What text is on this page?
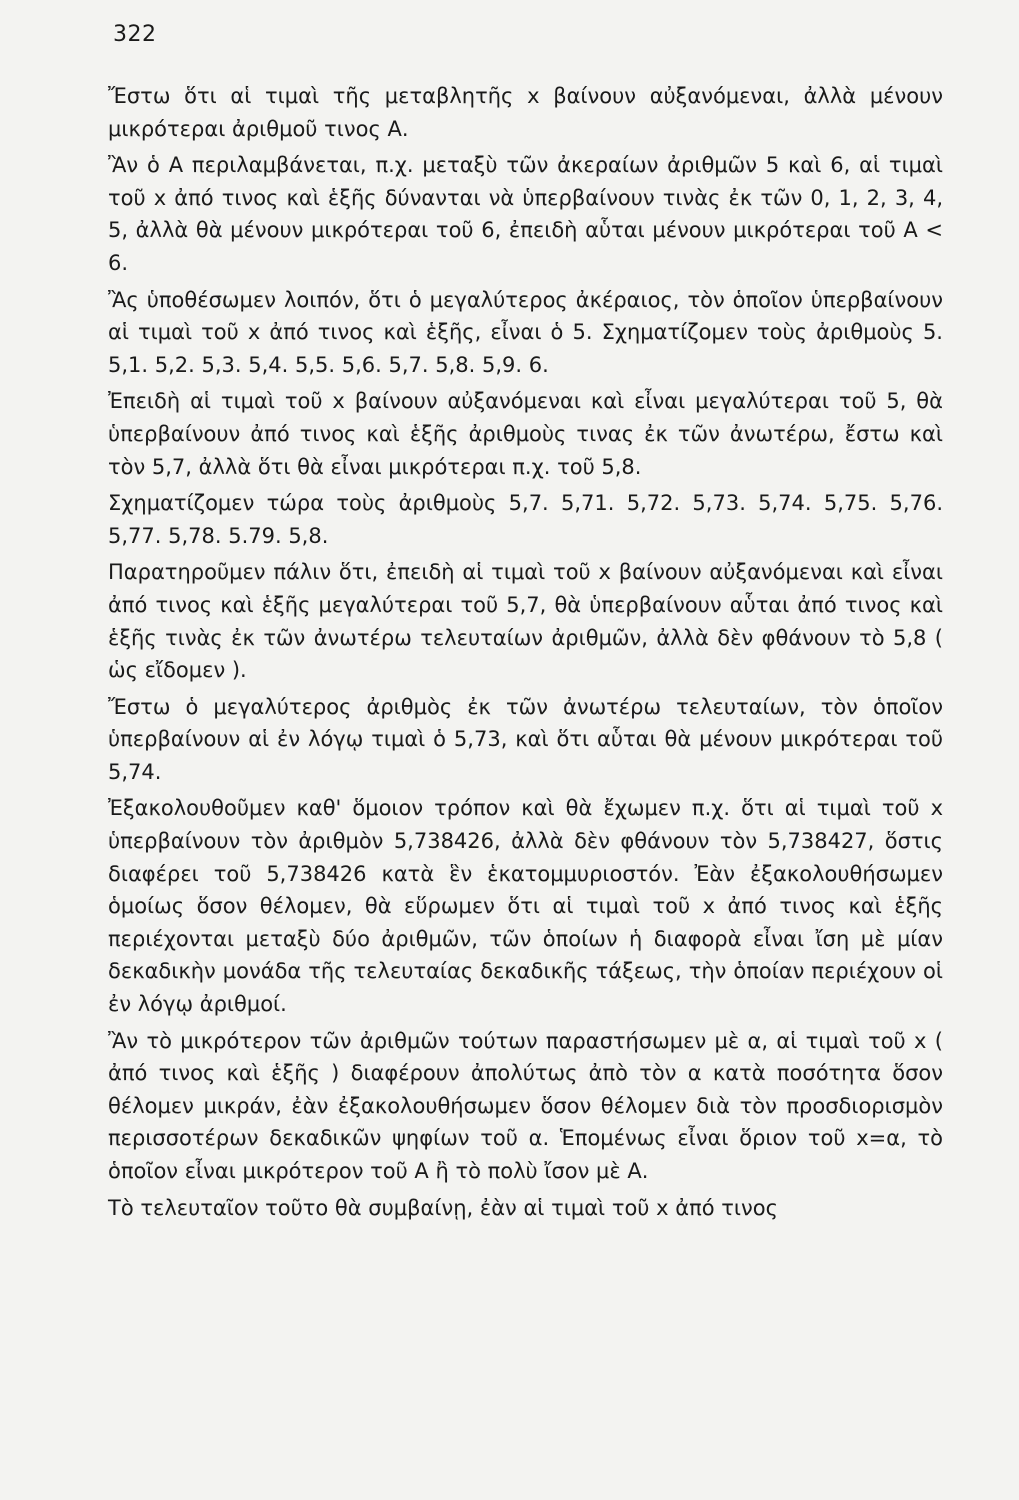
322

Ἔστω ὅτι αἱ τιμαὶ τῆς μεταβλητῆς x βαίνουν αὐξανόμεναι, ἀλλὰ μένουν μικρότεραι ἀριθμοῦ τινος Α.

Ἂν ὁ Α περιλαμβάνεται, π.χ. μεταξὺ τῶν ἀκεραίων ἀριθμῶν 5 καὶ 6, αἱ τιμαὶ τοῦ x ἀπό τινος καὶ ἑξῆς δύνανται νὰ ὑπερβαίνουν τινὰς ἐκ τῶν 0, 1, 2, 3, 4, 5, ἀλλὰ θὰ μένουν μικρότεραι τοῦ 6, ἐπειδὴ αὗται μένουν μικρότεραι τοῦ Α < 6.

Ἂς ὑποθέσωμεν λοιπόν, ὅτι ὁ μεγαλύτερος ἀκέραιος, τὸν ὁποῖον ὑπερβαίνουν αἱ τιμαὶ τοῦ x ἀπό τινος καὶ ἑξῆς, εἶναι ὁ 5. Σχηματίζομεν τοὺς ἀριθμοὺς 5. 5,1. 5,2. 5,3. 5,4. 5,5. 5,6. 5,7. 5,8. 5,9. 6.

Ἐπειδὴ αἱ τιμαὶ τοῦ x βαίνουν αὐξανόμεναι καὶ εἶναι μεγαλύτεραι τοῦ 5, θὰ ὑπερβαίνουν ἀπό τινος καὶ ἑξῆς ἀριθμοὺς τινας ἐκ τῶν ἀνωτέρω, ἔστω καὶ τὸν 5,7, ἀλλὰ ὅτι θὰ εἶναι μικρότεραι π.χ. τοῦ 5,8.

Σχηματίζομεν τώρα τοὺς ἀριθμοὺς 5,7. 5,71. 5,72. 5,73. 5,74. 5,75. 5,76. 5,77. 5,78. 5.79. 5,8.

Παρατηροῦμεν πάλιν ὅτι, ἐπειδὴ αἱ τιμαὶ τοῦ x βαίνουν αὐξανόμεναι καὶ εἶναι ἀπό τινος καὶ ἑξῆς μεγαλύτεραι τοῦ 5,7, θὰ ὑπερβαίνουν αὗται ἀπό τινος καὶ ἑξῆς τινὰς ἐκ τῶν ἀνωτέρω τελευταίων ἀριθμῶν, ἀλλὰ δὲν φθάνουν τὸ 5,8 ( ὡς εἴδομεν ).

Ἔστω ὁ μεγαλύτερος ἀριθμὸς ἐκ τῶν ἀνωτέρω τελευταίων, τὸν ὁποῖον ὑπερβαίνουν αἱ ἐν λόγῳ τιμαὶ ὁ 5,73, καὶ ὅτι αὗται θὰ μένουν μικρότεραι τοῦ 5,74.

Ἐξακολουθοῦμεν καθ' ὅμοιον τρόπον καὶ θὰ ἔχωμεν π.χ. ὅτι αἱ τιμαὶ τοῦ x ὑπερβαίνουν τὸν ἀριθμὸν 5,738426, ἀλλὰ δὲν φθάνουν τὸν 5,738427, ὅστις διαφέρει τοῦ 5,738426 κατὰ ἓν ἑκατομμυριοστόν. Ἐὰν ἐξακολουθήσωμεν ὁμοίως ὅσον θέλομεν, θὰ εὕρωμεν ὅτι αἱ τιμαὶ τοῦ x ἀπό τινος καὶ ἑξῆς περιέχονται μεταξὺ δύο ἀριθμῶν, τῶν ὁποίων ἡ διαφορὰ εἶναι ἴση μὲ μίαν δεκαδικὴν μονάδα τῆς τελευταίας δεκαδικῆς τάξεως, τὴν ὁποίαν περιέχουν οἱ ἐν λόγῳ ἀριθμοί.

Ἂν τὸ μικρότερον τῶν ἀριθμῶν τούτων παραστήσωμεν μὲ α, αἱ τιμαὶ τοῦ x ( ἀπό τινος καὶ ἑξῆς ) διαφέρουν ἀπολύτως ἀπὸ τὸν α κατὰ ποσότητα ὅσον θέλομεν μικράν, ἐὰν ἐξακολουθήσωμεν ὅσον θέλομεν διὰ τὸν προσδιορισμὸν περισσοτέρων δεκαδικῶν ψηφίων τοῦ α. Ἑπομένως εἶναι ὅριον τοῦ x=α, τὸ ὁποῖον εἶναι μικρότερον τοῦ Α ἢ τὸ πολὺ ἴσον μὲ Α.

Τὸ τελευταῖον τοῦτο θὰ συμβαίνῃ, ἐὰν αἱ τιμαὶ τοῦ x ἀπό τινος
